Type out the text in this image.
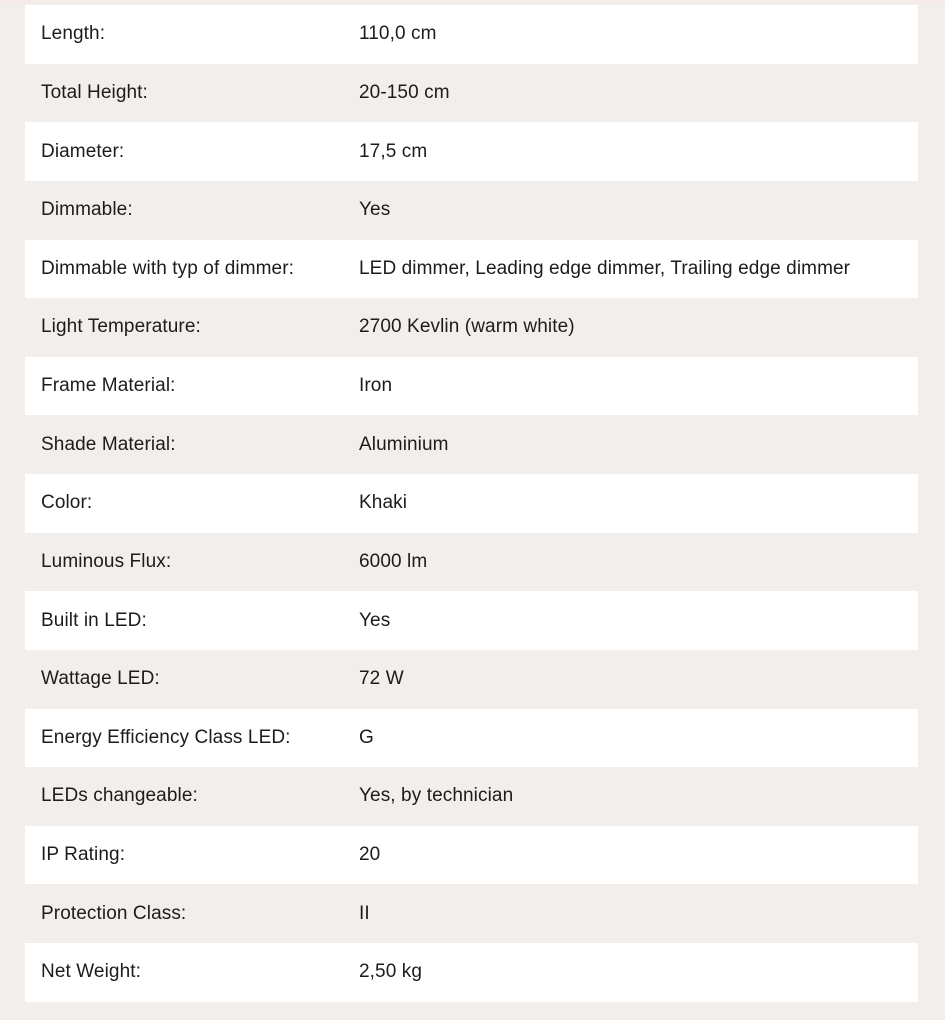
Length:	110,0 cm
Total Height:	20-150 cm
Diameter:	17,5 cm
Dimmable:	Yes
Dimmable with typ of dimmer:	LED dimmer, Leading edge dimmer, Trailing edge dimmer
Light Temperature:	2700 Kevlin (warm white)
Frame Material:	Iron
Shade Material:	Aluminium
Color:	Khaki
Luminous Flux:	6000 lm
Built in LED:	Yes
Wattage LED:	72 W
Energy Efficiency Class LED:	G
LEDs changeable:	Yes, by technician
IP Rating:	20
Protection Class:	II
Net Weight:	2,50 kg
